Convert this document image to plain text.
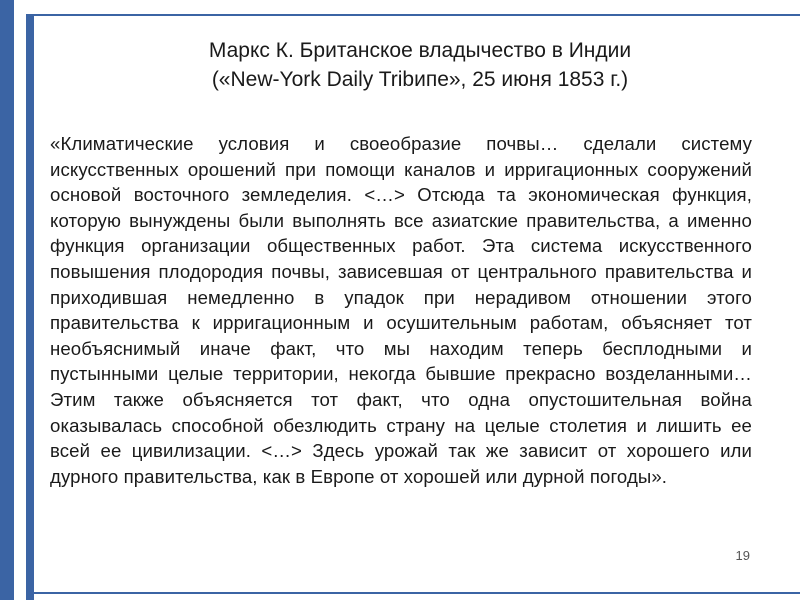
Маркс К. Британское владычество в Индии
(«New-York Daily Tribипе», 25 июня 1853 г.)
«Климатические условия и своеобразие почвы… сделали систему искусственных орошений при помощи каналов и ирригационных сооружений основой восточного земледелия. <…> Отсюда та экономическая функция, которую вынуждены были выполнять все азиатские правительства, а именно функция организации общественных работ. Эта система искусственного повышения плодородия почвы, зависевшая от центрального правительства и приходившая немедленно в упадок при нерадивом отношении этого правительства к ирригационным и осушительным работам, объясняет тот необъяснимый иначе факт, что мы находим теперь бесплодными и пустынными целые территории, некогда бывшие прекрасно возделанными… Этим также объясняется тот факт, что одна опустошительная война оказывалась способной обезлюдить страну на целые столетия и лишить ее всей ее цивилизации. <…> Здесь урожай так же зависит от хорошего или дурного правительства, как в Европе от хорошей или дурной погоды».
19
